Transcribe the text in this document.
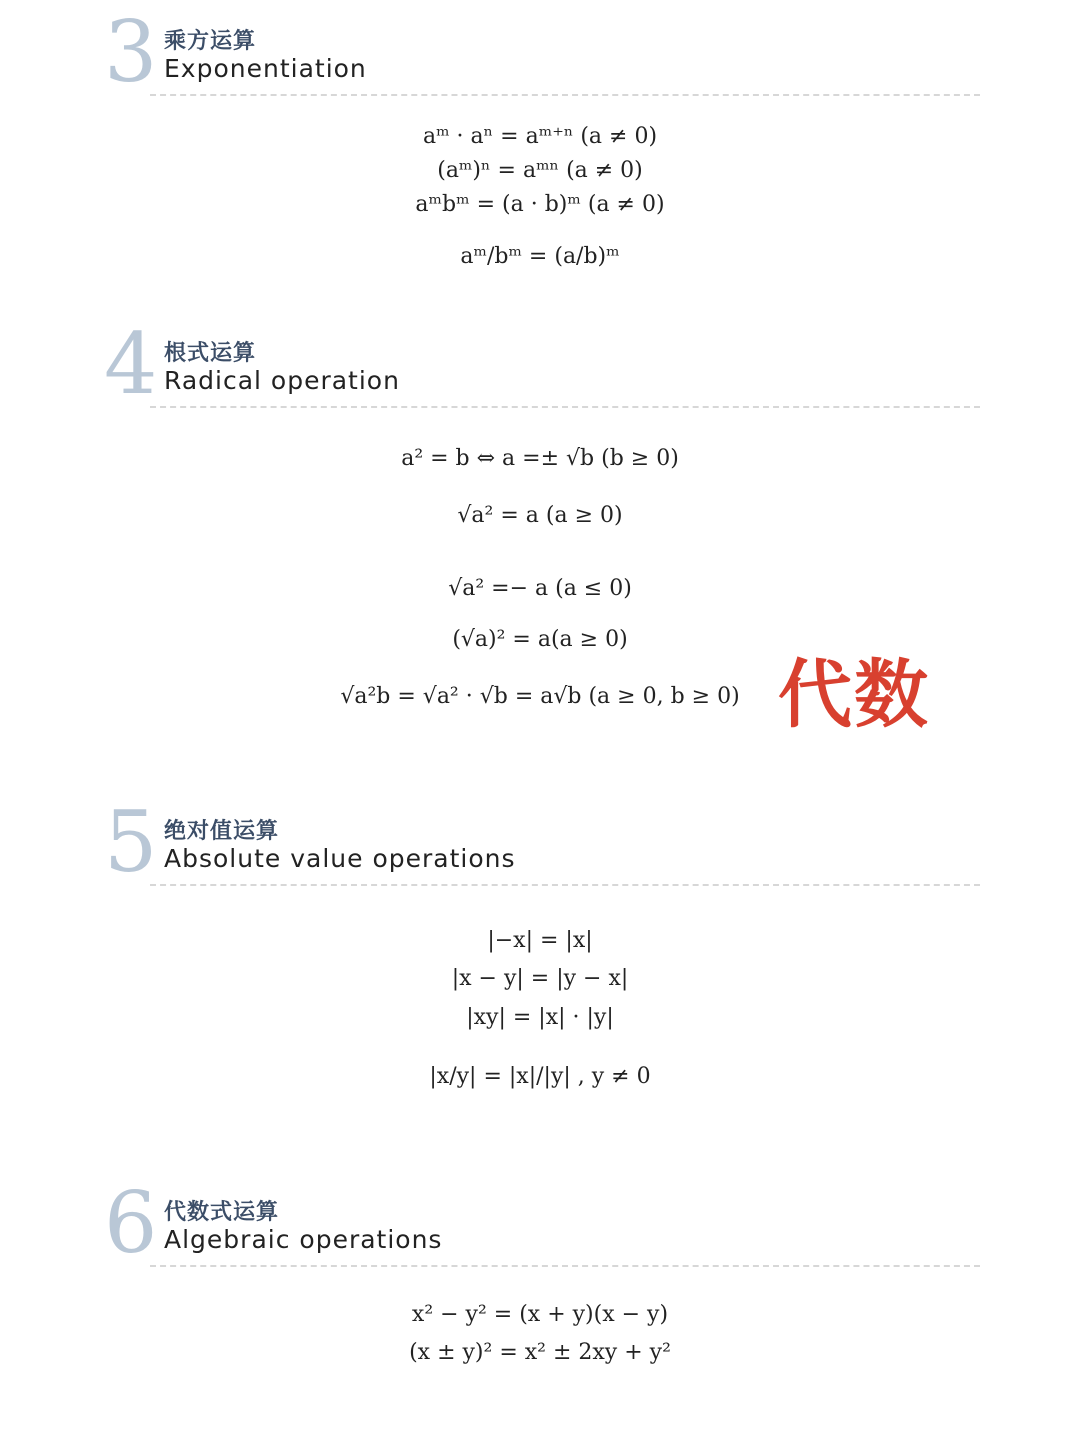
3 乘方运算
Exponentiation
aᵐ · aⁿ = aᵐ⁺ⁿ (a ≠ 0)
(aᵐ)ⁿ = aᵐⁿ (a ≠ 0)
aᵐbᵐ = (a · b)ᵐ (a ≠ 0)
aᵐ/bᵐ = (a/b)ᵐ
4 根式运算
Radical operation
a² = b ⇔ a =± √b (b ≥ 0)
√a² = a (a ≥ 0)
√a² =− a (a ≤ 0)
(√a)² = a(a ≥ 0)
√a²b = √a² · √b = a√b (a ≥ 0, b ≥ 0) 代数
5 绝对值运算
Absolute value operations
|−x| = |x|
|x − y| = |y − x|
|xy| = |x| · |y|
|x/y| = |x|/|y| , y ≠ 0
6 代数式运算
Algebraic operations
x² − y² = (x + y)(x − y)
(x ± y)² = x² ± 2xy + y²
